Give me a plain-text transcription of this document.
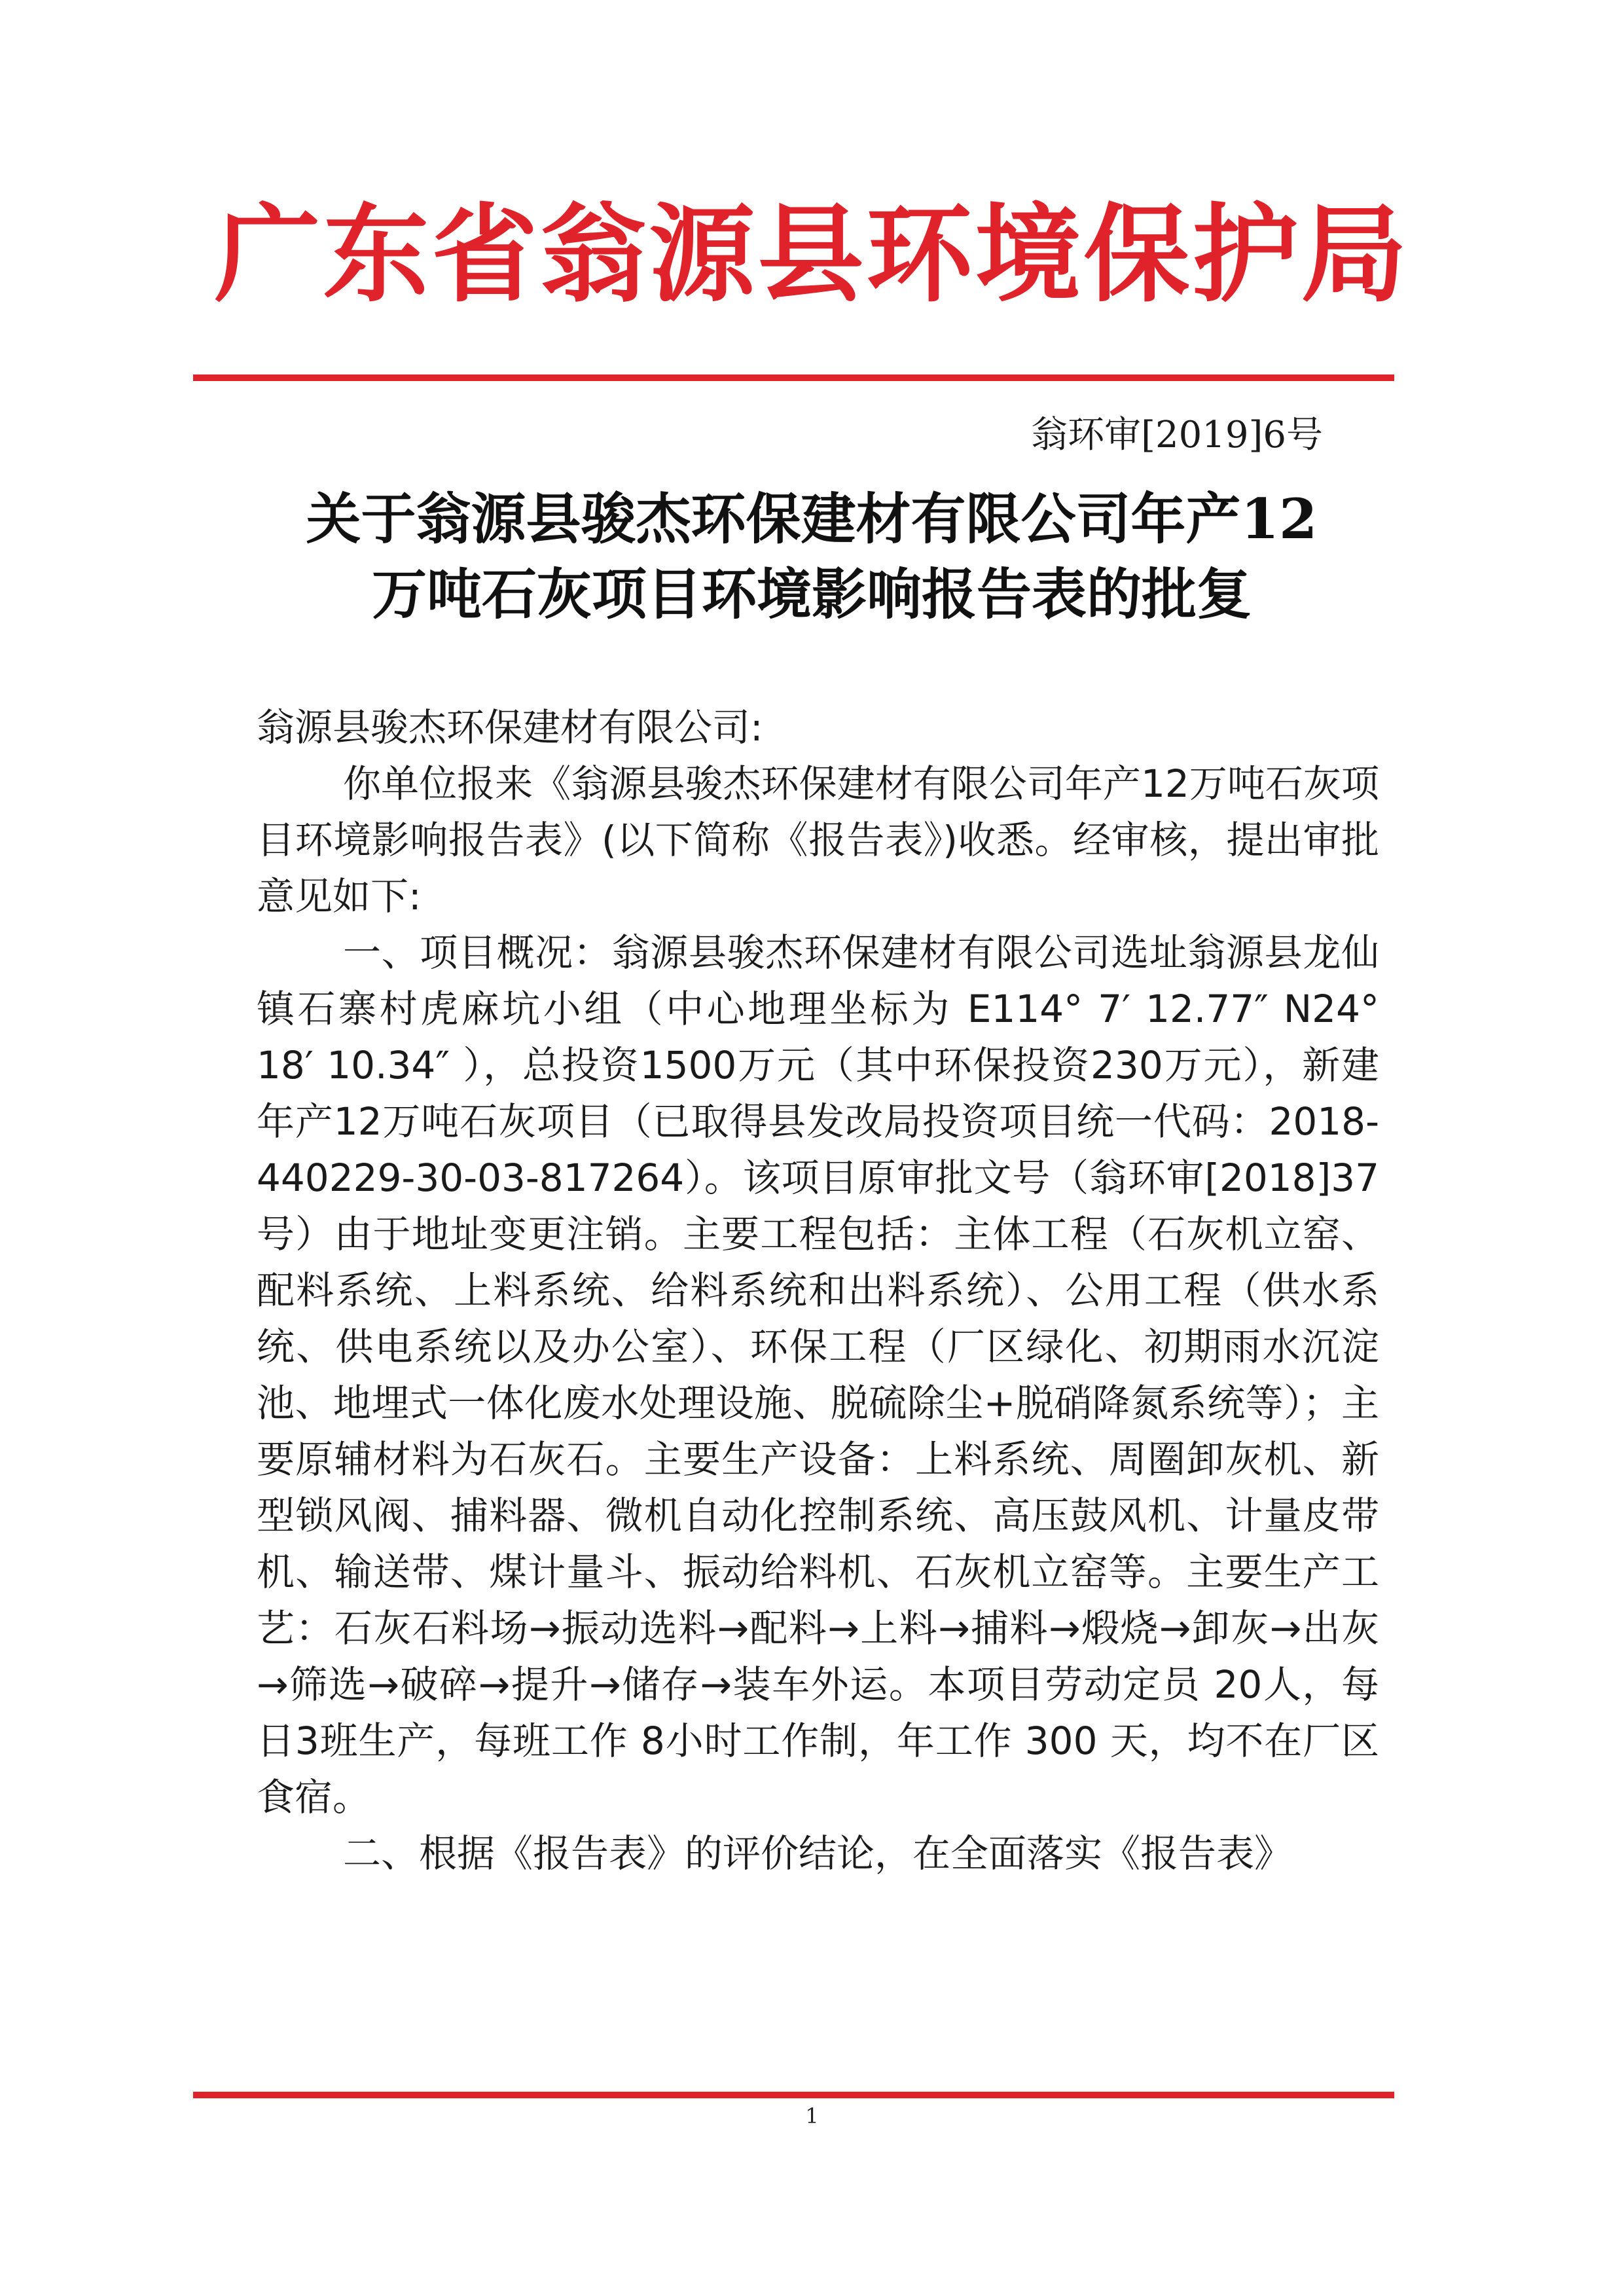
广东省翁源县环境保护局
翁环审[2019]6号
关于翁源县骏杰环保建材有限公司年产12
万吨石灰项目环境影响报告表的批复

翁源县骏杰环保建材有限公司:

你单位报来《翁源县骏杰环保建材有限公司年产12万吨石灰项目环境影响报告表》(以下简称《报告表》)收悉。经审核，提出审批意见如下:

一、项目概况：翁源县骏杰环保建材有限公司选址翁源县龙仙镇石寨村虎麻坑小组（中心地理坐标为 E114° 7′ 12.77″ N24° 18′ 10.34″ ），总投资1500万元（其中环保投资230万元），新建年产12万吨石灰项目（已取得县发改局投资项目统一代码：2018-440229-30-03-817264）。该项目原审批文号（翁环审[2018]37号）由于地址变更注销。主要工程包括：主体工程（石灰机立窑、配料系统、上料系统、给料系统和出料系统）、公用工程（供水系统、供电系统以及办公室）、环保工程（厂区绿化、初期雨水沉淀池、地埋式一体化废水处理设施、脱硫除尘+脱硝降氮系统等）；主要原辅材料为石灰石。主要生产设备：上料系统、周圈卸灰机、新型锁风阀、捕料器、微机自动化控制系统、高压鼓风机、计量皮带机、输送带、煤计量斗、振动给料机、石灰机立窑等。主要生产工艺：石灰石料场→振动选料→配料→上料→捕料→煅烧→卸灰→出灰→筛选→破碎→提升→储存→装车外运。本项目劳动定员 20人，每日3班生产，每班工作 8小时工作制，年工作 300 天，均不在厂区食宿。

二、根据《报告表》的评价结论，在全面落实《报告表》

1
